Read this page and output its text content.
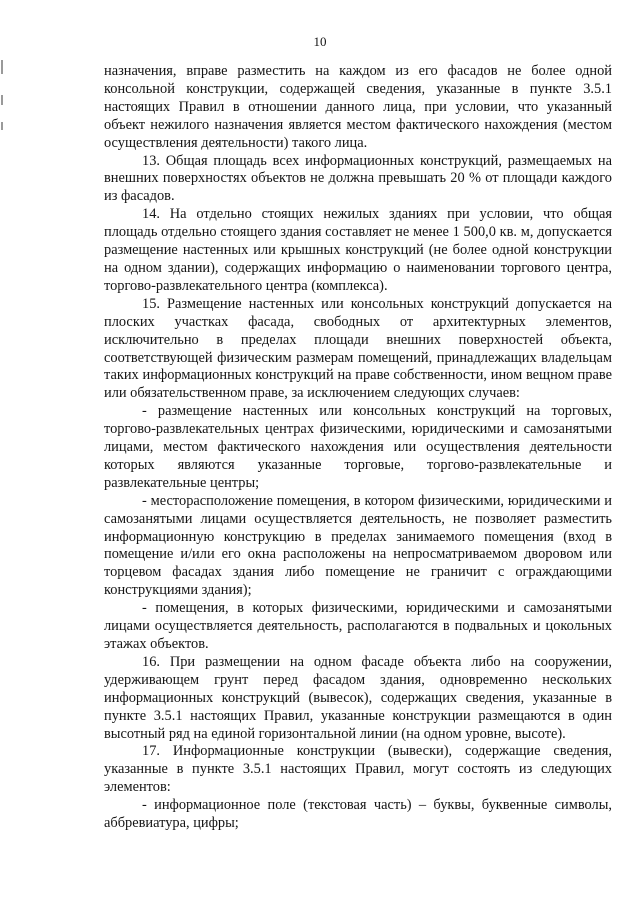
10

назначения, вправе разместить на каждом из его фасадов не более одной консольной конструкции, содержащей сведения, указанные в пункте 3.5.1 настоящих Правил в отношении данного лица, при условии, что указанный объект нежилого назначения является местом фактического нахождения (местом осуществления деятельности) такого лица.

13. Общая площадь всех информационных конструкций, размещаемых на внешних поверхностях объектов не должна превышать 20 % от площади каждого из фасадов.

14. На отдельно стоящих нежилых зданиях при условии, что общая площадь отдельно стоящего здания составляет не менее 1 500,0 кв. м, допускается размещение настенных или крышных конструкций (не более одной конструкции на одном здании), содержащих информацию о наименовании торгового центра, торгово-развлекательного центра (комплекса).

15. Размещение настенных или консольных конструкций допускается на плоских участках фасада, свободных от архитектурных элементов, исключительно в пределах площади внешних поверхностей объекта, соответствующей физическим размерам помещений, принадлежащих владельцам таких информационных конструкций на праве собственности, ином вещном праве или обязательственном праве, за исключением следующих случаев:

- размещение настенных или консольных конструкций на торговых, торгово-развлекательных центрах физическими, юридическими и самозанятыми лицами, местом фактического нахождения или осуществления деятельности которых являются указанные торговые, торгово-развлекательные и развлекательные центры;

- месторасположение помещения, в котором физическими, юридическими и самозанятыми лицами осуществляется деятельность, не позволяет разместить информационную конструкцию в пределах занимаемого помещения (вход в помещение и/или его окна расположены на непросматриваемом дворовом или торцевом фасадах здания либо помещение не граничит с ограждающими конструкциями здания);

- помещения, в которых физическими, юридическими и самозанятыми лицами осуществляется деятельность, располагаются в подвальных и цокольных этажах объектов.

16. При размещении на одном фасаде объекта либо на сооружении, удерживающем грунт перед фасадом здания, одновременно нескольких информационных конструкций (вывесок), содержащих сведения, указанные в пункте 3.5.1 настоящих Правил, указанные конструкции размещаются в один высотный ряд на единой горизонтальной линии (на одном уровне, высоте).

17. Информационные конструкции (вывески), содержащие сведения, указанные в пункте 3.5.1 настоящих Правил, могут состоять из следующих элементов:

- информационное поле (текстовая часть) – буквы, буквенные символы, аббревиатура, цифры;
